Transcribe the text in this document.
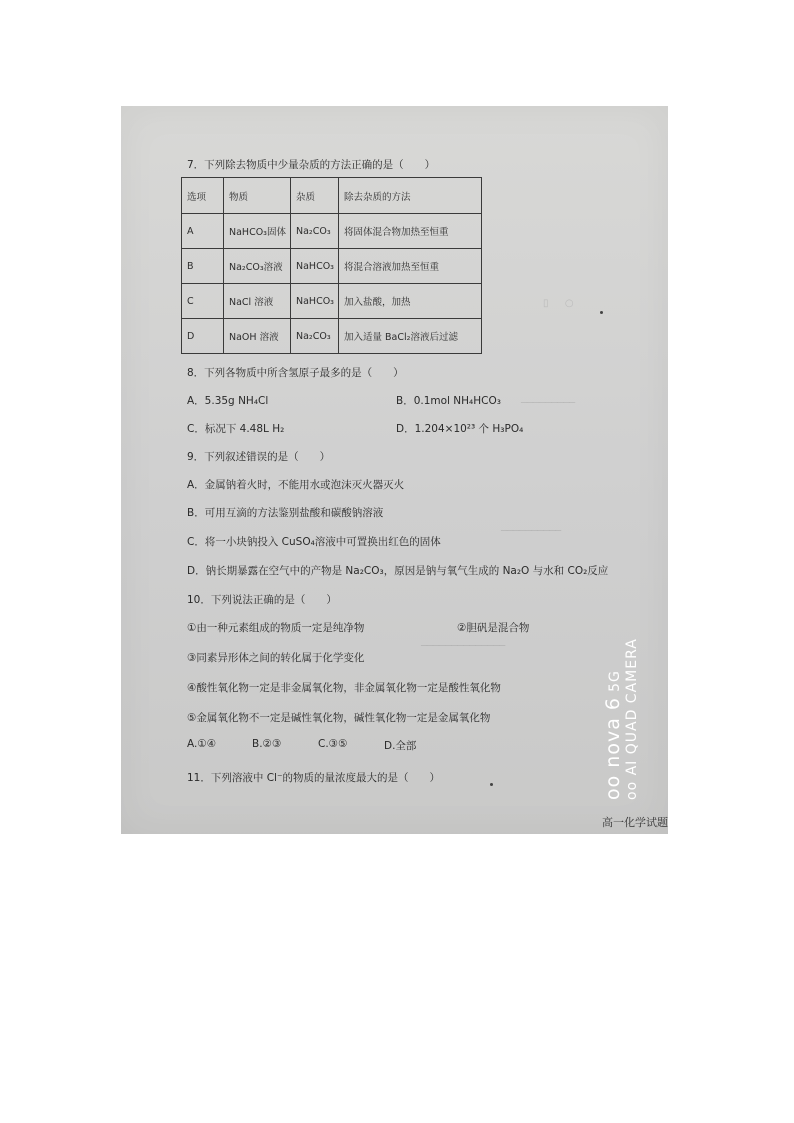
▯ 　 ○
─────────
──────────
──────────────
7．下列除去物质中少量杂质的方法正确的是（　　）
选项	物质	杂质	除去杂质的方法
A	NaHCO₃固体	Na₂CO₃	将固体混合物加热至恒重
B	Na₂CO₃溶液	NaHCO₃	将混合溶液加热至恒重
C	NaCl 溶液	NaHCO₃	加入盐酸，加热
D	NaOH 溶液	Na₂CO₃	加入适量 BaCl₂溶液后过滤
8．下列各物质中所含氢原子最多的是（　　）
A．5.35g NH₄Cl	B．0.1mol NH₄HCO₃
C．标况下 4.48L H₂	D．1.204×10²³ 个 H₃PO₄
9．下列叙述错误的是（　　）
A．金属钠着火时，不能用水或泡沫灭火器灭火
B．可用互滴的方法鉴别盐酸和碳酸钠溶液
C．将一小块钠投入 CuSO₄溶液中可置换出红色的固体
D．钠长期暴露在空气中的产物是 Na₂CO₃，原因是钠与氧气生成的 Na₂O 与水和 CO₂反应
10．下列说法正确的是（　　）
①由一种元素组成的物质一定是纯净物	②胆矾是混合物
③同素异形体之间的转化属于化学变化
④酸性氧化物一定是非金属氧化物，非金属氧化物一定是酸性氧化物
⑤金属氧化物不一定是碱性氧化物，碱性氧化物一定是金属氧化物
A.①④	B.②③	C.③⑤	D.全部
11．下列溶液中 Cl⁻的物质的量浓度最大的是（　　）
高一化学试题
oo nova 6 5G oo AI QUAD CAMERA
